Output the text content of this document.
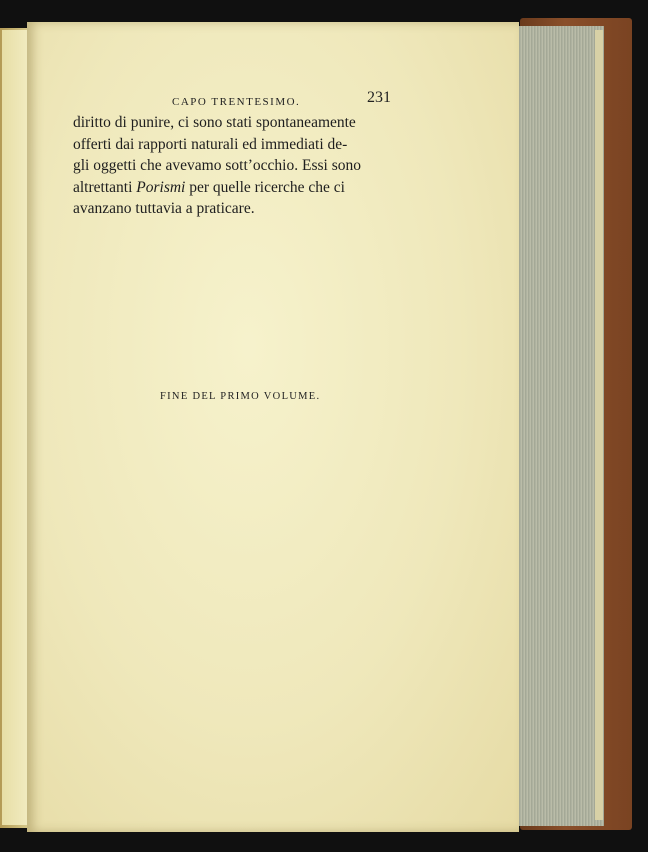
CAPO TRENTESIMO.	231
diritto di punire, ci sono stati spontaneamente
offerti dai rapporti naturali ed immediati de-
gli oggetti che avevamo sott’occhio. Essi sono
altrettanti Porismi per quelle ricerche che ci
avanzano tuttavia a praticare.
FINE DEL PRIMO VOLUME.
